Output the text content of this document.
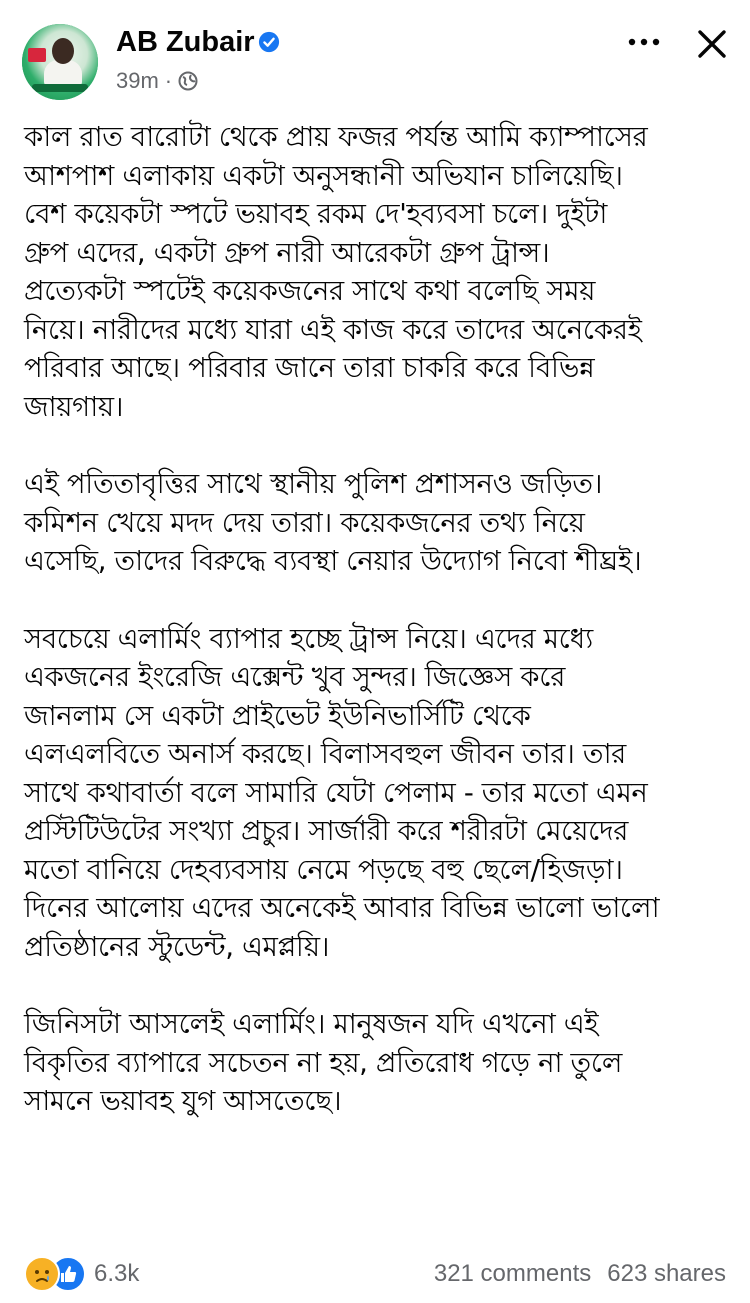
AB Zubair
39m ·

কাল রাত বারোটা থেকে প্রায় ফজর পর্যন্ত আমি ক্যাম্পাসের
আশপাশ এলাকায় একটা অনুসন্ধানী অভিযান চালিয়েছি।
বেশ কয়েকটা স্পটে ভয়াবহ রকম দে'হব্যবসা চলে। দুইটা
গ্রুপ এদের, একটা গ্রুপ নারী আরেকটা গ্রুপ ট্রান্স।
প্রত্যেকটা স্পটেই কয়েকজনের সাথে কথা বলেছি সময়
নিয়ে। নারীদের মধ্যে যারা এই কাজ করে তাদের অনেকেরই
পরিবার আছে। পরিবার জানে তারা চাকরি করে বিভিন্ন
জায়গায়।

এই পতিতাবৃত্তির সাথে স্থানীয় পুলিশ প্রশাসনও জড়িত।
কমিশন খেয়ে মদদ দেয় তারা। কয়েকজনের তথ্য নিয়ে
এসেছি, তাদের বিরুদ্ধে ব্যবস্থা নেয়ার উদ্যোগ নিবো শীঘ্রই।

সবচেয়ে এলার্মিং ব্যাপার হচ্ছে ট্রান্স নিয়ে। এদের মধ্যে
একজনের ইংরেজি এক্সেন্ট খুব সুন্দর। জিজ্ঞেস করে
জানলাম সে একটা প্রাইভেট ইউনিভার্সিটি থেকে
এলএলবিতে অনার্স করছে। বিলাসবহুল জীবন তার। তার
সাথে কথাবার্তা বলে সামারি যেটা পেলাম - তার মতো এমন
প্রস্টিটিউটের সংখ্যা প্রচুর। সার্জারী করে শরীরটা মেয়েদের
মতো বানিয়ে দেহব্যবসায় নেমে পড়ছে বহু ছেলে/হিজড়া।
দিনের আলোয় এদের অনেকেই আবার বিভিন্ন ভালো ভালো
প্রতিষ্ঠানের স্টুডেন্ট, এমপ্লয়ি।

জিনিসটা আসলেই এলার্মিং। মানুষজন যদি এখনো এই
বিকৃতির ব্যাপারে সচেতন না হয়, প্রতিরোধ গড়ে না তুলে
সামনে ভয়াবহ যুগ আসতেছে।

6.3k	321 comments 623 shares
